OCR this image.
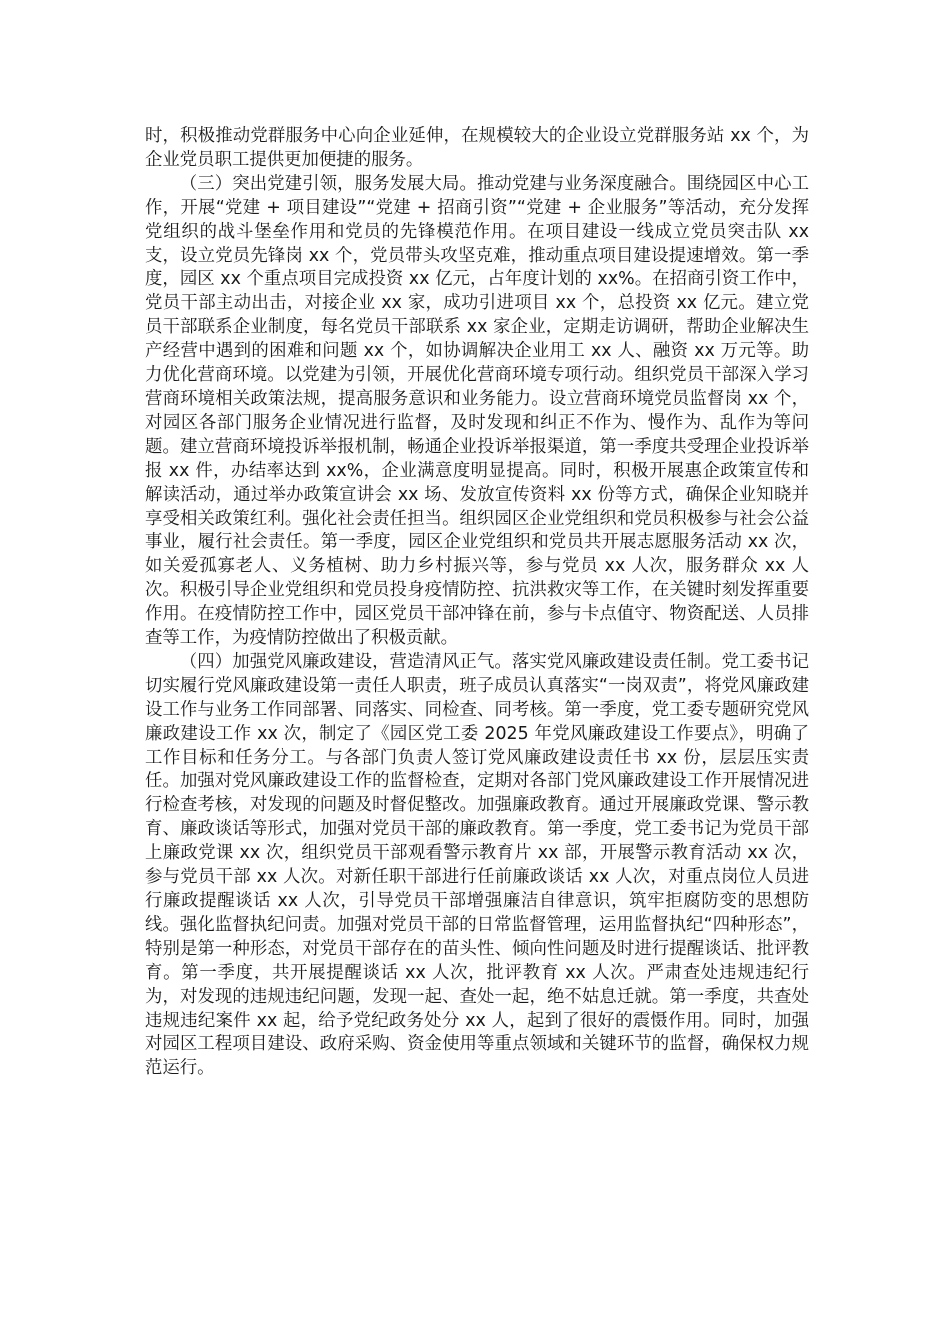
时，积极推动党群服务中心向企业延伸，在规模较大的企业设立党群服务站 xx 个，为企业党员职工提供更加便捷的服务。

（三）突出党建引领，服务发展大局。推动党建与业务深度融合。围绕园区中心工作，开展“党建 + 项目建设”“党建 + 招商引资”“党建 + 企业服务”等活动，充分发挥党组织的战斗堡垒作用和党员的先锋模范作用。在项目建设一线成立党员突击队 xx 支，设立党员先锋岗 xx 个，党员带头攻坚克难，推动重点项目建设提速增效。第一季度，园区 xx 个重点项目完成投资 xx 亿元，占年度计划的 xx%。在招商引资工作中，党员干部主动出击，对接企业 xx 家，成功引进项目 xx 个，总投资 xx 亿元。建立党员干部联系企业制度，每名党员干部联系 xx 家企业，定期走访调研，帮助企业解决生产经营中遇到的困难和问题 xx 个，如协调解决企业用工 xx 人、融资 xx 万元等。助力优化营商环境。以党建为引领，开展优化营商环境专项行动。组织党员干部深入学习营商环境相关政策法规，提高服务意识和业务能力。设立营商环境党员监督岗 xx 个，对园区各部门服务企业情况进行监督，及时发现和纠正不作为、慢作为、乱作为等问题。建立营商环境投诉举报机制，畅通企业投诉举报渠道，第一季度共受理企业投诉举报 xx 件，办结率达到 xx%，企业满意度明显提高。同时，积极开展惠企政策宣传和解读活动，通过举办政策宣讲会 xx 场、发放宣传资料 xx 份等方式，确保企业知晓并享受相关政策红利。强化社会责任担当。组织园区企业党组织和党员积极参与社会公益事业，履行社会责任。第一季度，园区企业党组织和党员共开展志愿服务活动 xx 次，如关爱孤寡老人、义务植树、助力乡村振兴等，参与党员 xx 人次，服务群众 xx 人次。积极引导企业党组织和党员投身疫情防控、抗洪救灾等工作，在关键时刻发挥重要作用。在疫情防控工作中，园区党员干部冲锋在前，参与卡点值守、物资配送、人员排查等工作，为疫情防控做出了积极贡献。

（四）加强党风廉政建设，营造清风正气。落实党风廉政建设责任制。党工委书记切实履行党风廉政建设第一责任人职责，班子成员认真落实“一岗双责”，将党风廉政建设工作与业务工作同部署、同落实、同检查、同考核。第一季度，党工委专题研究党风廉政建设工作 xx 次，制定了《园区党工委 2025 年党风廉政建设工作要点》，明确了工作目标和任务分工。与各部门负责人签订党风廉政建设责任书 xx 份，层层压实责任。加强对党风廉政建设工作的监督检查，定期对各部门党风廉政建设工作开展情况进行检查考核，对发现的问题及时督促整改。加强廉政教育。通过开展廉政党课、警示教育、廉政谈话等形式，加强对党员干部的廉政教育。第一季度，党工委书记为党员干部上廉政党课 xx 次，组织党员干部观看警示教育片 xx 部，开展警示教育活动 xx 次，参与党员干部 xx 人次。对新任职干部进行任前廉政谈话 xx 人次，对重点岗位人员进行廉政提醒谈话 xx 人次，引导党员干部增强廉洁自律意识，筑牢拒腐防变的思想防线。强化监督执纪问责。加强对党员干部的日常监督管理，运用监督执纪“四种形态”，特别是第一种形态，对党员干部存在的苗头性、倾向性问题及时进行提醒谈话、批评教育。第一季度，共开展提醒谈话 xx 人次，批评教育 xx 人次。严肃查处违规违纪行为，对发现的违规违纪问题，发现一起、查处一起，绝不姑息迁就。第一季度，共查处违规违纪案件 xx 起，给予党纪政务处分 xx 人，起到了很好的震慑作用。同时，加强对园区工程项目建设、政府采购、资金使用等重点领域和关键环节的监督，确保权力规范运行。
